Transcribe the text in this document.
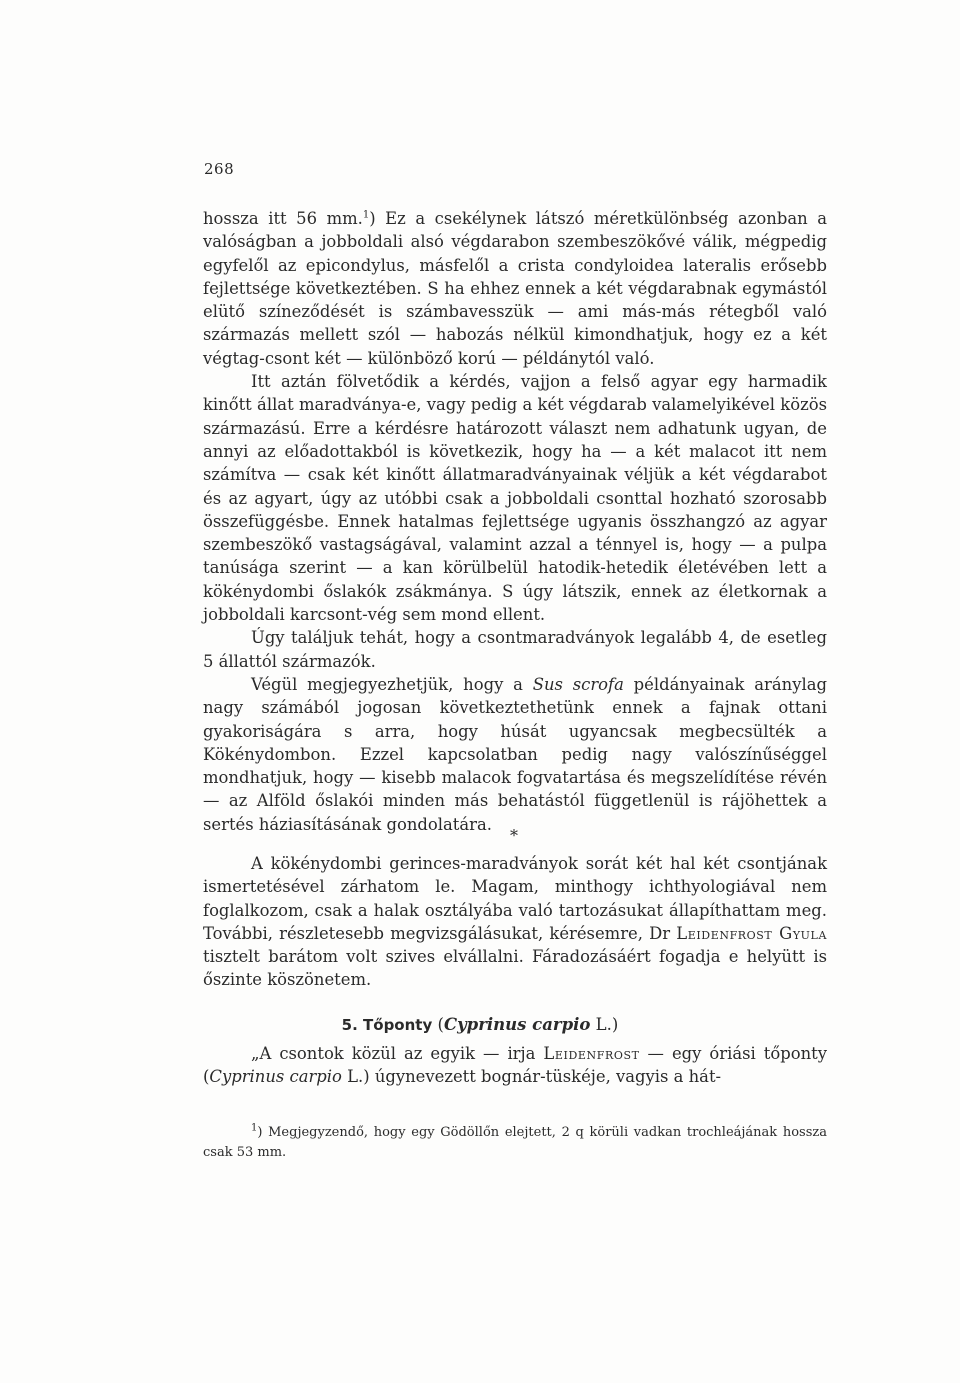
268

hossza itt 56 mm.$^1$) Ez a csekélynek látszó méretkülönbség azonban a valóságban a jobboldali alsó végdarabon szembeszökővé válik, mégpedig egyfelől az epicondylus, másfelől a crista condyloidea lateralis erősebb fejlettsége következtében. S ha ehhez ennek a két végdarabnak egymástól elütő színeződését is számbavesszük — ami más-más rétegből való származás mellett szól — habozás nélkül kimondhatjuk, hogy ez a két végtag-csont két — különböző korú — példánytól való.

Itt aztán fölvetődik a kérdés, vajjon a felső agyar egy harmadik kinőtt állat maradványa-e, vagy pedig a két végdarab valamelyikével közös származású. Erre a kérdésre határozott választ nem adhatunk ugyan, de annyi az előadottakból is következik, hogy ha — a két malacot itt nem számítva — csak két kinőtt állatmaradványainak véljük a két végdarabot és az agyart, úgy az utóbbi csak a jobboldali csonttal hozható szorosabb összefüggésbe. Ennek hatalmas fejlettsége ugyanis összhangzó az agyar szembeszökő vastagságával, valamint azzal a ténnyel is, hogy — a pulpa tanúsága szerint — a kan körülbelül hatodik-hetedik életévében lett a kökénydombi őslakók zsákmánya. S úgy látszik, ennek az életkornak a jobboldali karcsont-vég sem mond ellent.

Úgy találjuk tehát, hogy a csontmaradványok legalább 4, de esetleg 5 állattól származók.

Végül megjegyezhetjük, hogy a Sus scrofa példányainak aránylag nagy számából jogosan következtethetünk ennek a fajnak ottani gyakoriságára s arra, hogy húsát ugyancsak megbecsülték a Kökénydombon. Ezzel kapcsolatban pedig nagy valószínűséggel mondhatjuk, hogy — kisebb malacok fogvatartása és megszelídítése révén — az Alföld őslakói minden más behatástól függetlenül is rájöhettek a sertés háziasításának gondolatára.

*

A kökénydombi gerinces-maradványok sorát két hal két csontjának ismertetésével zárhatom le. Magam, minthogy ichthyologiával nem foglalkozom, csak a halak osztályába való tartozásukat állapíthattam meg. További, részletesebb megvizsgálásukat, kérésemre, Dr Leidenfrost Gyula tisztelt barátom volt szives elvállalni. Fáradozásáért fogadja e helyütt is őszinte köszönetem.

5. Tőponty (Cyprinus carpio L.)

„A csontok közül az egyik — irja Leidenfrost — egy óriási tőponty (Cyprinus carpio L.) úgynevezett bognár-tüskéje, vagyis a hát-

$^1$) Megjegyzendő, hogy egy Gödöllőn elejtett, 2 q körüli vadkan trochleájának hossza csak 53 mm.
